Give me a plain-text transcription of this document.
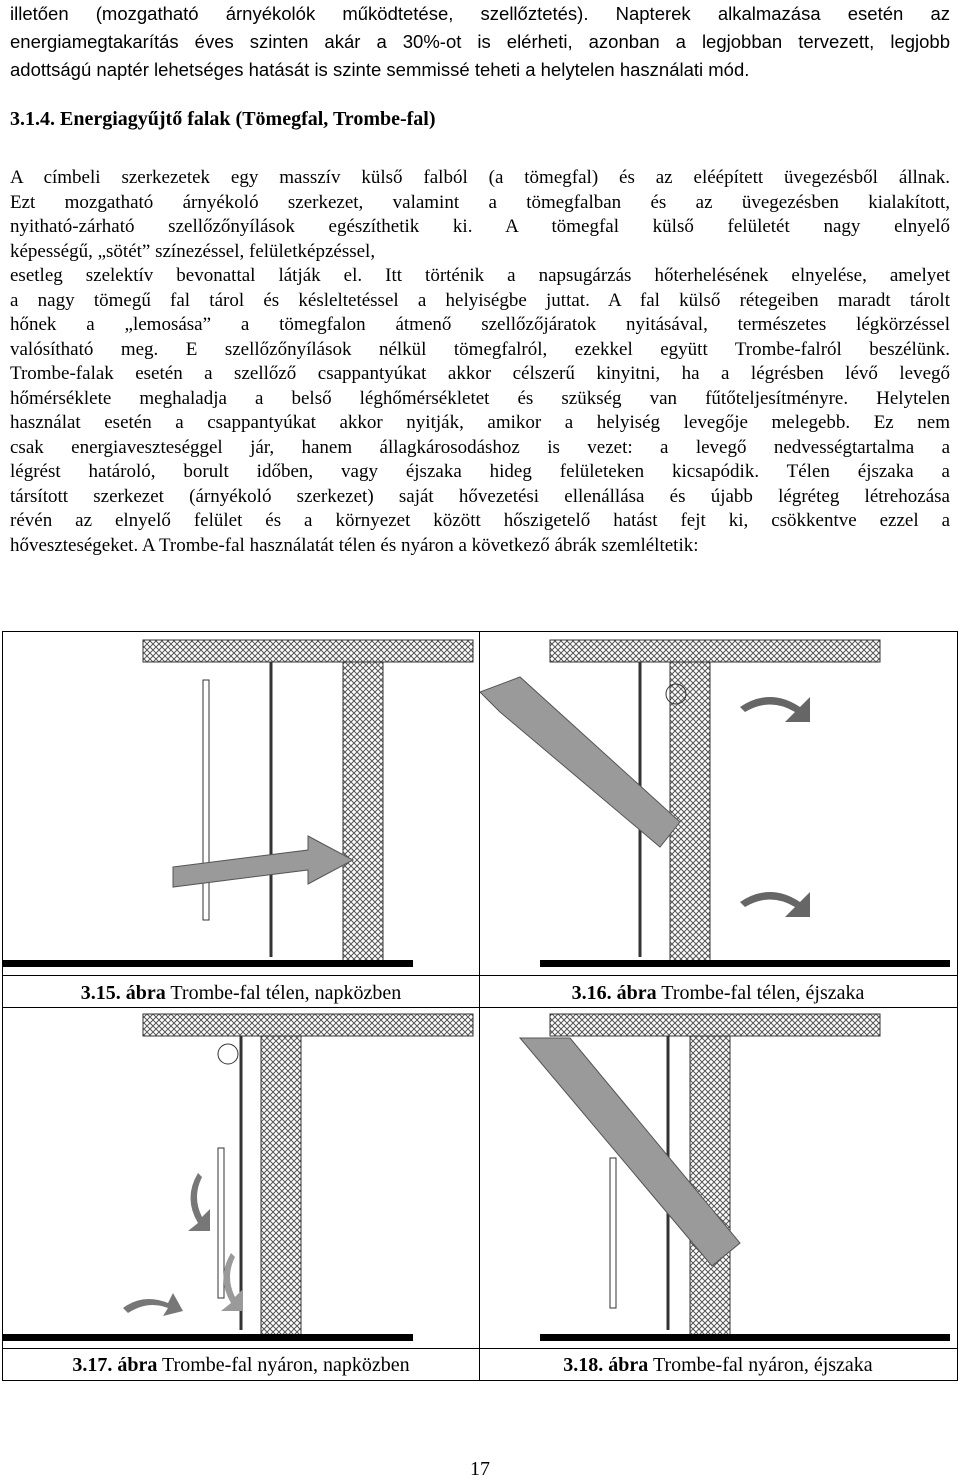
illetően (mozgatható árnyékolók működtetése, szellőztetés). Napterek alkalmazása esetén az
energiamegtakarítás éves szinten akár a 30%-ot is elérheti, azonban a legjobban tervezett, legjobb
adottságú naptér lehetséges hatását is szinte semmissé teheti a helytelen használati mód.
3.1.4. Energiagyűjtő falak (Tömegfal, Trombe-fal)
A címbeli szerkezetek egy masszív külső falból (a tömegfal) és az eléépített üvegezésből állnak.
Ezt mozgatható árnyékoló szerkezet, valamint a tömegfalban és az üvegezésben kialakított,
nyitható-zárható szellőzőnyílások egészíthetik ki. A tömegfal külső felületét nagy elnyelő
képességű, „sötét” színezéssel, felületképzéssel,
esetleg szelektív bevonattal látják el. Itt történik a napsugárzás hőterhelésének elnyelése, amelyet
a nagy tömegű fal tárol és késleltetéssel a helyiségbe juttat. A fal külső rétegeiben maradt tárolt
hőnek a „lemosása” a tömegfalon átmenő szellőzőjáratok nyitásával, természetes légkörzéssel
valósítható meg. E szellőzőnyílások nélkül tömegfalról, ezekkel együtt Trombe-falról beszélünk.
Trombe-falak esetén a szellőző csappantyúkat akkor célszerű kinyitni, ha a légrésben lévő levegő
hőmérséklete meghaladja a belső léghőmérsékletet és szükség van fűtőteljesítményre. Helytelen
használat esetén a csappantyúkat akkor nyitják, amikor a helyiség levegője melegebb. Ez nem
csak energiaveszteséggel jár, hanem állagkárosodáshoz is vezet: a levegő nedvességtartalma a
légrést határoló, borult időben, vagy éjszaka hideg felületeken kicsapódik. Télen éjszaka a
társított szerkezet (árnyékoló szerkezet) saját hővezetési ellenállása és újabb légréteg létrehozása
révén az elnyelő felület és a környezet között hőszigetelő hatást fejt ki, csökkentve ezzel a
hőveszteségeket. A Trombe-fal használatát télen és nyáron a következő ábrák szemléltetik:
3.15. ábra Trombe-fal télen, napközben	3.16. ábra Trombe-fal télen, éjszaka
3.17. ábra Trombe-fal nyáron, napközben	3.18. ábra Trombe-fal nyáron, éjszaka
17
